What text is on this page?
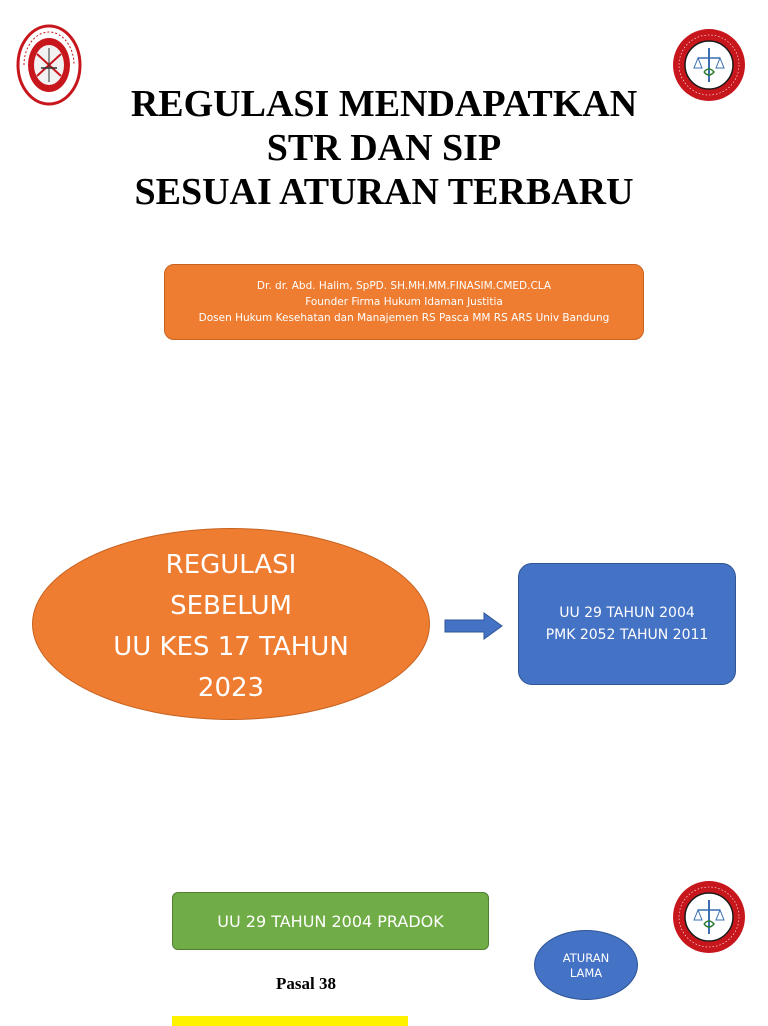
REGULASI MENDAPATKAN
STR DAN SIP
SESUAI ATURAN TERBARU
Dr. dr. Abd. Halim, SpPD. SH.MH.MM.FINASIM.CMED.CLA
Founder Firma Hukum Idaman Justitia
Dosen Hukum Kesehatan dan Manajemen RS Pasca MM RS ARS Univ Bandung
REGULASI
SEBELUM
UU KES 17 TAHUN
2023
UU 29 TAHUN 2004
PMK 2052 TAHUN 2011
UU 29 TAHUN 2004 PRADOK
ATURAN
LAMA
Pasal 38
